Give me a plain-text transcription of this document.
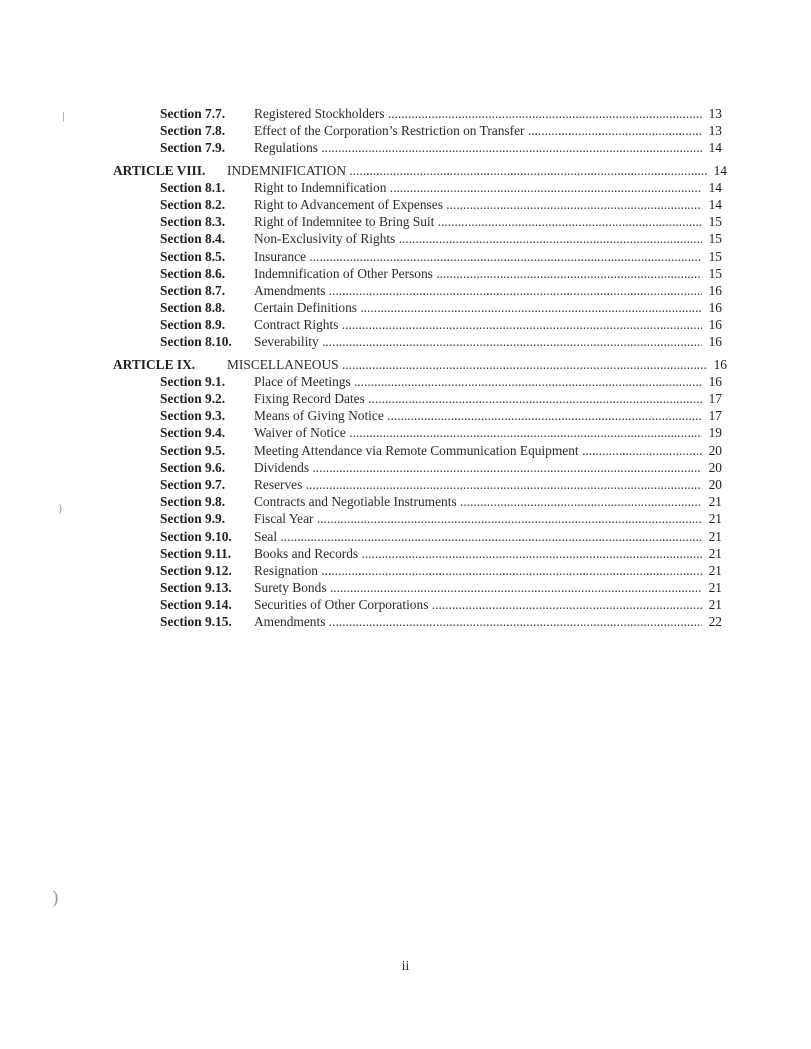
Section 7.7. Registered Stockholders .....	13
Section 7.8. Effect of the Corporation’s Restriction on Transfer .....	13
Section 7.9. Regulations .....	14
ARTICLE VIII. INDEMNIFICATION .....	14
Section 8.1. Right to Indemnification .....	14
Section 8.2. Right to Advancement of Expenses .....	14
Section 8.3. Right of Indemnitee to Bring Suit .....	15
Section 8.4. Non-Exclusivity of Rights .....	15
Section 8.5. Insurance .....	15
Section 8.6. Indemnification of Other Persons .....	15
Section 8.7. Amendments .....	16
Section 8.8. Certain Definitions .....	16
Section 8.9. Contract Rights .....	16
Section 8.10. Severability .....	16
ARTICLE IX. MISCELLANEOUS .....	16
Section 9.1. Place of Meetings .....	16
Section 9.2. Fixing Record Dates .....	17
Section 9.3. Means of Giving Notice .....	17
Section 9.4. Waiver of Notice .....	19
Section 9.5. Meeting Attendance via Remote Communication Equipment .....	20
Section 9.6. Dividends .....	20
Section 9.7. Reserves .....	20
Section 9.8. Contracts and Negotiable Instruments .....	21
Section 9.9. Fiscal Year .....	21
Section 9.10. Seal .....	21
Section 9.11. Books and Records .....	21
Section 9.12. Resignation .....	21
Section 9.13. Surety Bonds .....	21
Section 9.14. Securities of Other Corporations .....	21
Section 9.15. Amendments .....	22
ii
|
)
)
